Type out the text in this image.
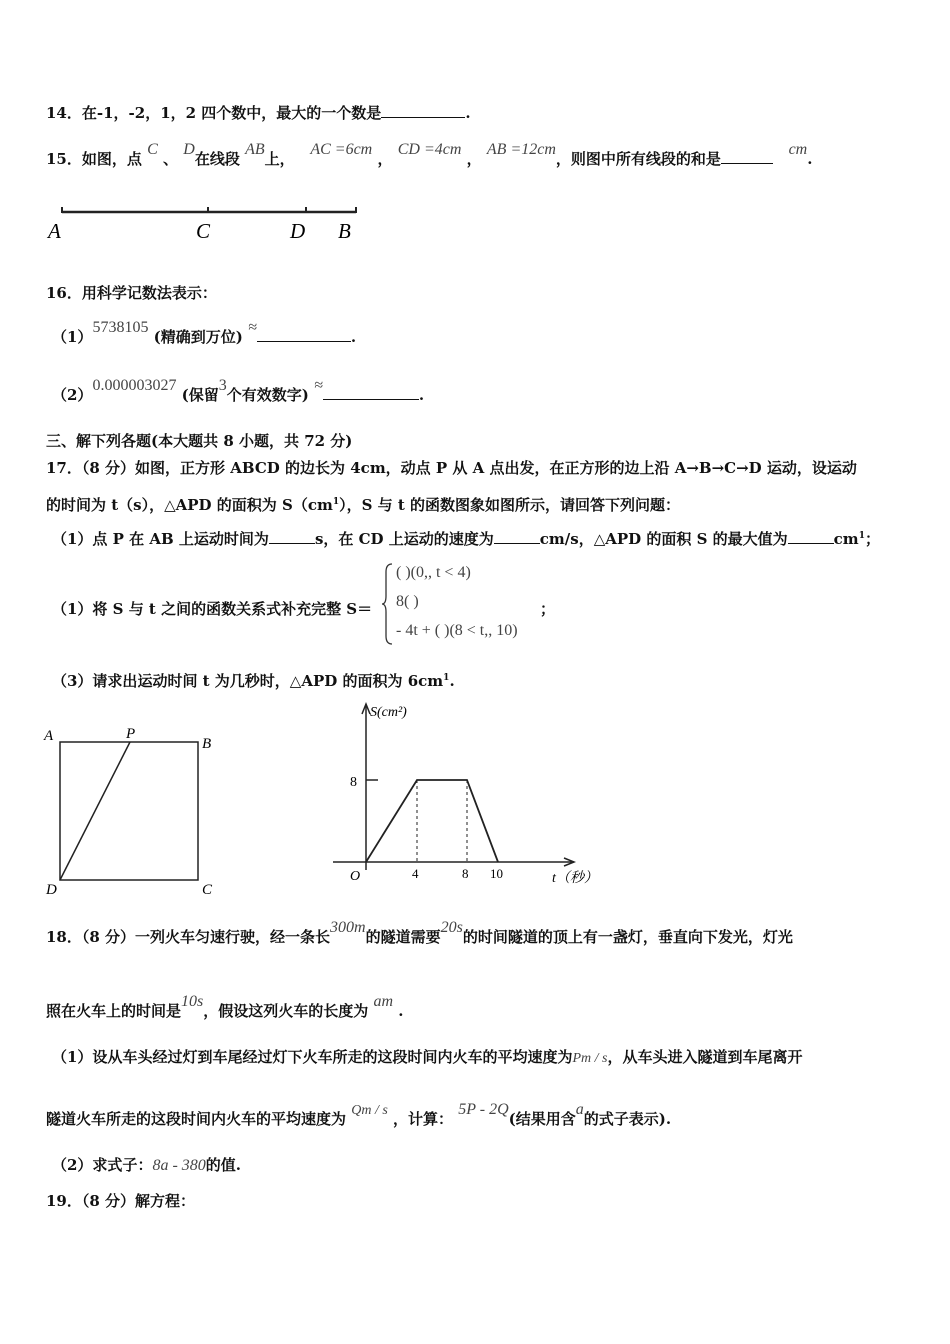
14．在-1，-2，1，2 四个数中，最大的一个数是	.
15．如图，点 C 、 D在线段 AB上，   AC =6cm ， CD =4cm ， AB =12cm，则图中所有线段的和是   cm.
A	C	D B
16．用科学记数法表示：
（1）5738105 (精确到万位) ≈.
（2）0.000003027 (保留3个有效数字) ≈.
三、解下列各题(本大题共 8 小题，共 72 分)
17．（8 分）如图，正方形 ABCD 的边长为 4cm，动点 P 从 A 点出发，在正方形的边上沿 A→B→C→D 运动，设运动
的时间为 t（s），△APD 的面积为 $S(cm^1)$，S 与 t 的函数图象如图所示，请回答下列问题：
（1）点 P 在 AB 上运动时间为	s，在 CD 上运动的速度为	cm/s，△APD 的面积 S 的最大值为	$cm^1$；
（1）将 S 与 t 之间的函数关系式补充完整 S＝
( )(0,, t < 4)
8( )
- 4t + ( )(8 < t,, 10)
；
（3）请求出运动时间 t 为几秒时，△APD 的面积为 $6cm^1$.
A	P
B
D	C
S(cm²)
8
O	4	8 10	t（秒）
18．（8 分）一列火车匀速行驶，经一条长300m的隧道需要20s的时间隧道的顶上有一盏灯，垂直向下发光，灯光
照在火车上的时间是10s，假设这列火车的长度为 am .
（1）设从车头经过灯到车尾经过灯下火车所走的这段时间内火车的平均速度为Pm / s，从车头进入隧道到车尾离开
隧道火车所走的这段时间内火车的平均速度为 Qm / s ，计算： 5P - 2Q(结果用含a的式子表示).
（2）求式子：8a - 380的值.
19．（8 分）解方程：
